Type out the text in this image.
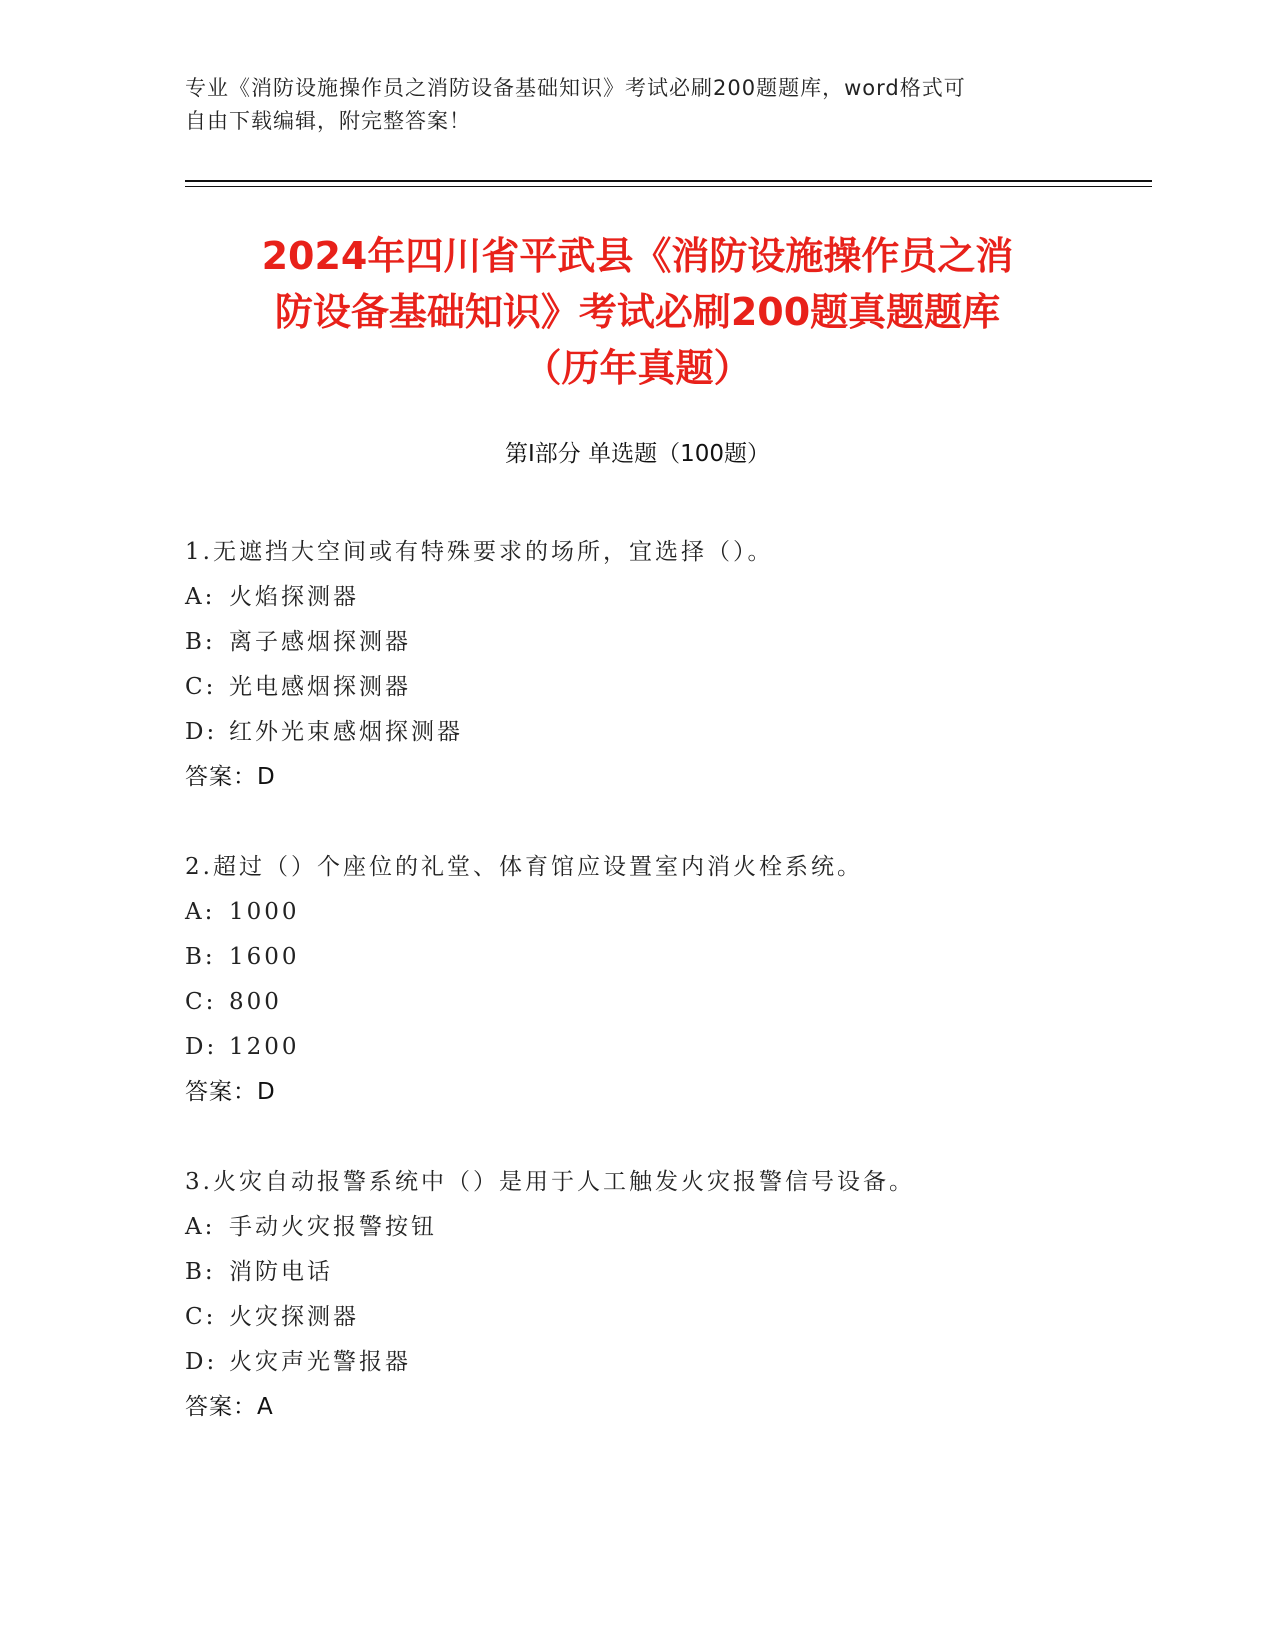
专业《消防设施操作员之消防设备基础知识》考试必刷200题题库，word格式可
自由下载编辑，附完整答案！
2024年四川省平武县《消防设施操作员之消
防设备基础知识》考试必刷200题真题题库
（历年真题）
第Ⅰ部分 单选题（100题）
1.无遮挡大空间或有特殊要求的场所，宜选择（）。
A: 火焰探测器
B: 离子感烟探测器
C: 光电感烟探测器
D: 红外光束感烟探测器
答案：D
2.超过（）个座位的礼堂、体育馆应设置室内消火栓系统。
A: 1000
B: 1600
C: 800
D: 1200
答案：D
3.火灾自动报警系统中（）是用于人工触发火灾报警信号设备。
A: 手动火灾报警按钮
B: 消防电话
C: 火灾探测器
D: 火灾声光警报器
答案：A
